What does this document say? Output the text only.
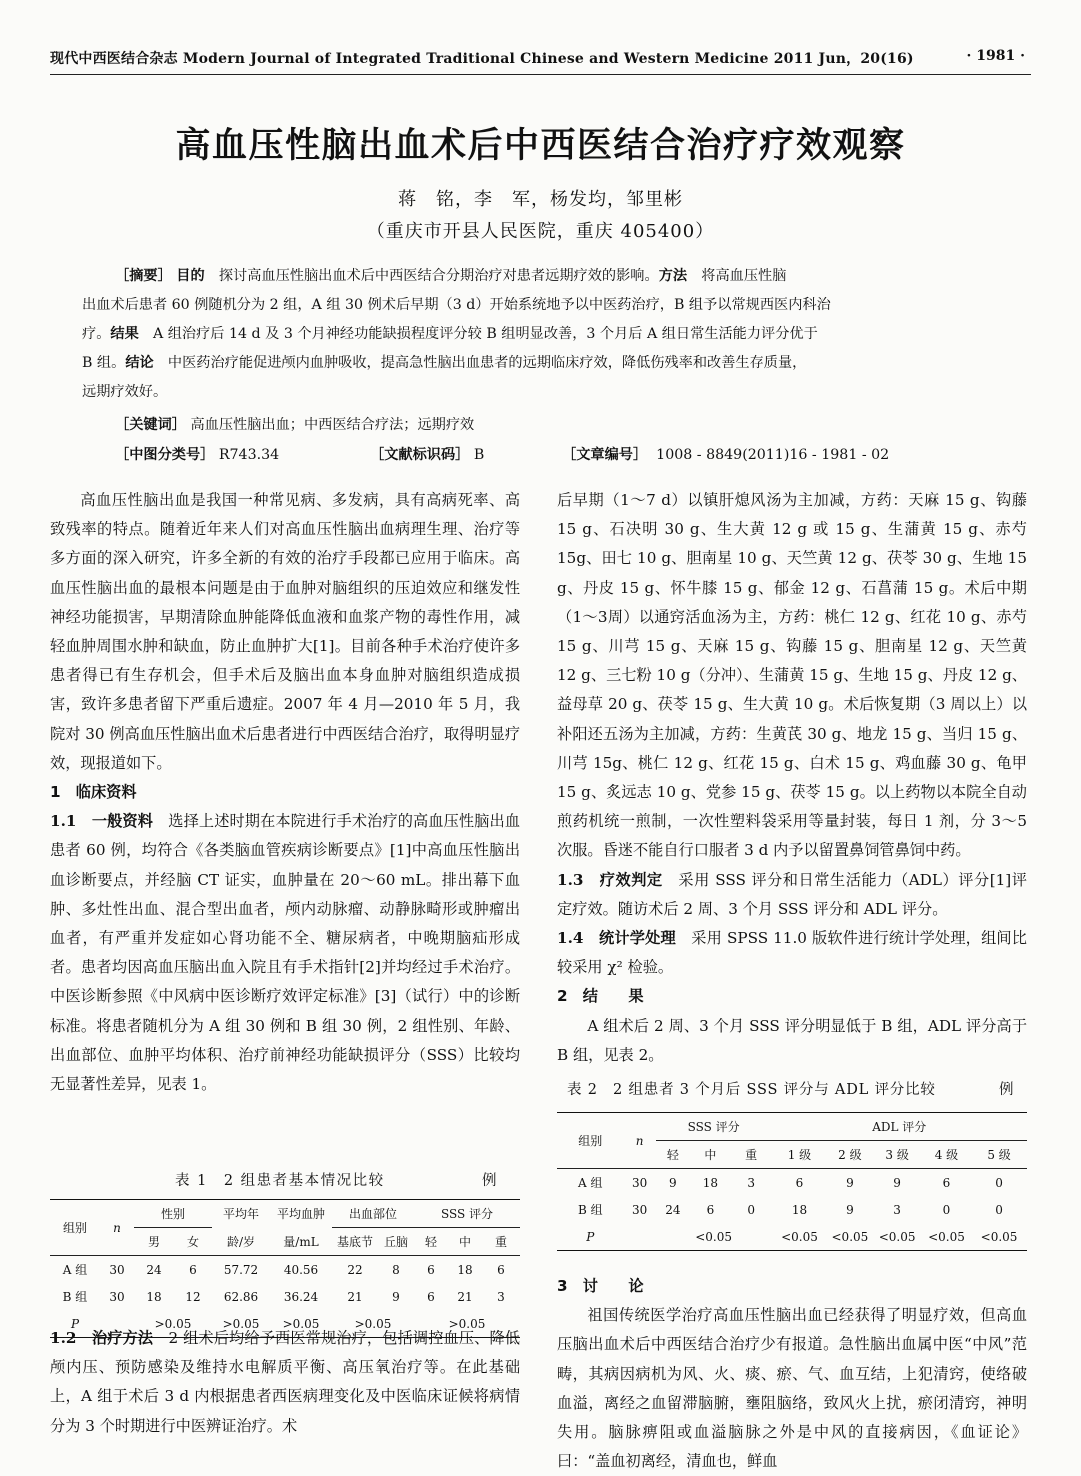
现代中西医结合杂志 Modern Journal of Integrated Traditional Chinese and Western Medicine 2011 Jun，20(16)	· 1981 ·
高血压性脑出血术后中西医结合治疗疗效观察
蒋　铭，李　军，杨发均，邹里彬
（重庆市开县人民医院，重庆 405400）
［摘要］ 目的　探讨高血压性脑出血术后中西医结合分期治疗对患者远期疗效的影响。方法　将高血压性脑
出血术后患者 60 例随机分为 2 组，A 组 30 例术后早期（3 d）开始系统地予以中医药治疗，B 组予以常规西医内科治
疗。结果　A 组治疗后 14 d 及 3 个月神经功能缺损程度评分较 B 组明显改善，3 个月后 A 组日常生活能力评分优于
B 组。结论　中医药治疗能促进颅内血肿吸收，提高急性脑出血患者的远期临床疗效，降低伤残率和改善生存质量，
远期疗效好。
［关键词］ 高血压性脑出血；中西医结合疗法；远期疗效
［中图分类号］ R743.34	［文献标识码］ B	［文章编号］ 1008 - 8849(2011)16 - 1981 - 02

高血压性脑出血是我国一种常见病、多发病，具有高病死率、高致残率的特点。随着近年来人们对高血压性脑出血病理生理、治疗等多方面的深入研究，许多全新的有效的治疗手段都已应用于临床。高血压性脑出血的最根本问题是由于血肿对脑组织的压迫效应和继发性神经功能损害，早期清除血肿能降低血液和血浆产物的毒性作用，减轻血肿周围水肿和缺血，防止血肿扩大[1]。目前各种手术治疗使许多患者得已有生存机会，但手术后及脑出血本身血肿对脑组织造成损害，致许多患者留下严重后遗症。2007 年 4 月—2010 年 5 月，我院对 30 例高血压性脑出血术后患者进行中西医结合治疗，取得明显疗效，现报道如下。

1　临床资料

1.1　一般资料　选择上述时期在本院进行手术治疗的高血压性脑出血患者 60 例，均符合《各类脑血管疾病诊断要点》[1]中高血压性脑出血诊断要点，并经脑 CT 证实，血肿量在 20～60 mL。排出幕下血肿、多灶性出血、混合型出血者，颅内动脉瘤、动静脉畸形或肿瘤出血者，有严重并发症如心肾功能不全、糖尿病者，中晚期脑疝形成者。患者均因高血压脑出血入院且有手术指针[2]并均经过手术治疗。中医诊断参照《中风病中医诊断疗效评定标准》[3]（试行）中的诊断标准。将患者随机分为 A 组 30 例和 B 组 30 例，2 组性别、年龄、出血部位、血肿平均体积、治疗前神经功能缺损评分（SSS）比较均无显著性差异，见表 1。

表 1　2 组患者基本情况比较	例
组别	n	性别		平均年	平均血肿	出血部位		SSS 评分		
		男	女	龄/岁	量/mL	基底节	丘脑	轻	中	重
A 组	30	24	6	57.72	40.56	22	8	6	18	6
B 组	30	18	12	62.86	36.24	21	9	6	21	3
P		>0.05		>0.05	>0.05	>0.05		>0.05		

1.2　治疗方法　2 组术后均给予西医常规治疗，包括调控血压、降低颅内压、预防感染及维持水电解质平衡、高压氧治疗等。在此基础上，A 组于术后 3 d 内根据患者西医病理变化及中医临床证候将病情分为 3 个时期进行中医辨证治疗。术

后早期（1～7 d）以镇肝熄风汤为主加减，方药：天麻 15 g、钩藤 15 g、石决明 30 g、生大黄 12 g 或 15 g、生蒲黄 15 g、赤芍 15g、田七 10 g、胆南星 10 g、天竺黄 12 g、茯苓 30 g、生地 15 g、丹皮 15 g、怀牛膝 15 g、郁金 12 g、石菖蒲 15 g。术后中期（1～3周）以通窍活血汤为主，方药：桃仁 12 g、红花 10 g、赤芍 15 g、川芎 15 g、天麻 15 g、钩藤 15 g、胆南星 12 g、天竺黄 12 g、三七粉 10 g（分冲）、生蒲黄 15 g、生地 15 g、丹皮 12 g、益母草 20 g、茯苓 15 g、生大黄 10 g。术后恢复期（3 周以上）以补阳还五汤为主加减，方药：生黄芪 30 g、地龙 15 g、当归 15 g、川芎 15g、桃仁 12 g、红花 15 g、白术 15 g、鸡血藤 30 g、龟甲 15 g、炙远志 10 g、党参 15 g、茯苓 15 g。以上药物以本院全自动煎药机统一煎制，一次性塑料袋采用等量封装，每日 1 剂，分 3～5 次服。昏迷不能自行口服者 3 d 内予以留置鼻饲管鼻饲中药。

1.3　疗效判定　采用 SSS 评分和日常生活能力（ADL）评分[1]评定疗效。随访术后 2 周、3 个月 SSS 评分和 ADL 评分。

1.4　统计学处理　采用 SPSS 11.0 版软件进行统计学处理，组间比较采用 χ² 检验。

2　结　　果

A 组术后 2 周、3 个月 SSS 评分明显低于 B 组，ADL 评分高于 B 组，见表 2。

表 2　2 组患者 3 个月后 SSS 评分与 ADL 评分比较	例
组别	n	SSS 评分			ADL 评分				
		轻	中	重	1 级	2 级	3 级	4 级	5 级
A 组	30	9	18	3	6	9	9	6	0
B 组	30	24	6	0	18	9	3	0	0
P		<0.05			<0.05	<0.05	<0.05	<0.05	<0.05

3　讨　　论

祖国传统医学治疗高血压性脑出血已经获得了明显疗效，但高血压脑出血术后中西医结合治疗少有报道。急性脑出血属中医“中风”范畴，其病因病机为风、火、痰、瘀、气、血互结，上犯清窍，使络破血溢，离经之血留滞脑腑，壅阻脑络，致风火上扰，瘀闭清窍，神明失用。脑脉痹阻或血溢脑脉之外是中风的直接病因，《血证论》曰：“盖血初离经，清血也，鲜血
